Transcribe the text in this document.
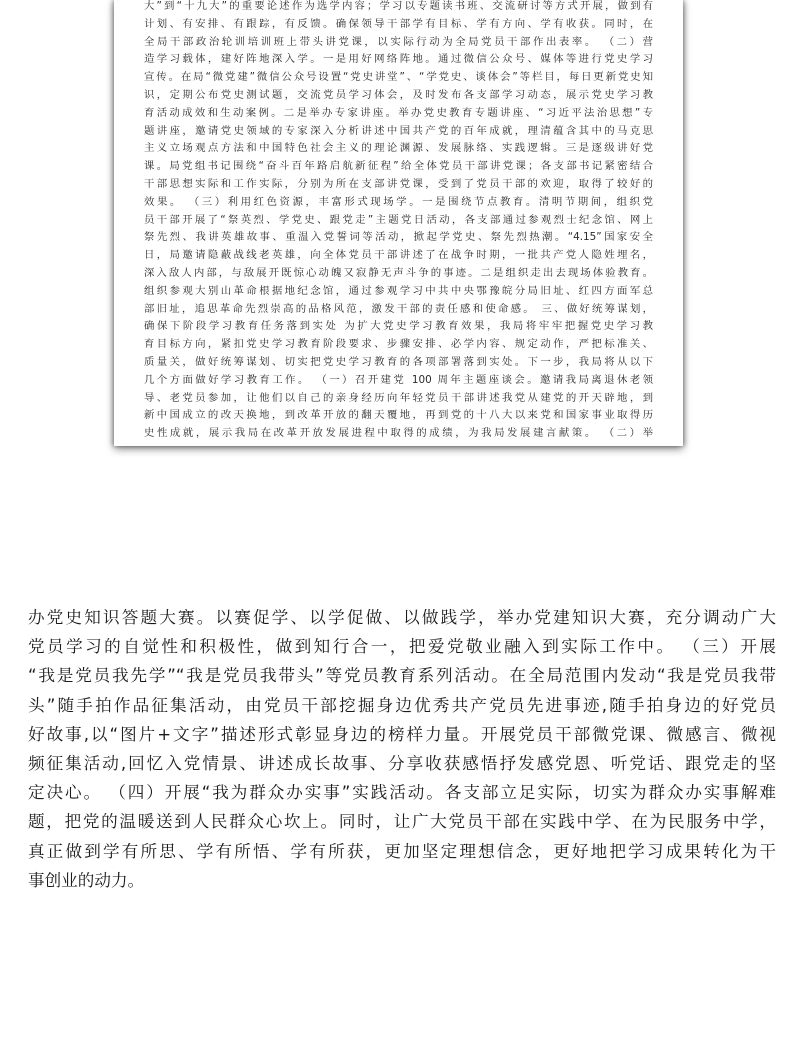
大”到“十九大”的重要论述作为选学内容；学习以专题读书班、交流研讨等方式开展，做到有
计划、有安排、有跟踪，有反馈。确保领导干部学有目标、学有方向、学有收获。同时，在
全局干部政治轮训培训班上带头讲党课，以实际行动为全局党员干部作出表率。 （二）营
造学习载体，建好阵地深入学。一是用好网络阵地。通过微信公众号、媒体等进行党史学习
宣传。在局“微党建”微信公众号设置“党史讲堂”、“学党史、谈体会”等栏目，每日更新党史知
识，定期公布党史测试题，交流党员学习体会，及时发布各支部学习动态，展示党史学习教
育活动成效和生动案例。二是举办专家讲座。举办党史教育专题讲座、“习近平法治思想”专
题讲座，邀请党史领域的专家深入分析讲述中国共产党的百年成就，理清蕴含其中的马克思
主义立场观点方法和中国特色社会主义的理论渊源、发展脉络、实践逻辑。三是逐级讲好党
课。局党组书记围绕“奋斗百年路启航新征程”给全体党员干部讲党课；各支部书记紧密结合
干部思想实际和工作实际，分别为所在支部讲党课，受到了党员干部的欢迎，取得了较好的
效果。 （三）利用红色资源，丰富形式现场学。一是围绕节点教育。清明节期间，组织党
员干部开展了“祭英烈、学党史、跟党走”主题党日活动，各支部通过参观烈士纪念馆、网上
祭先烈、我讲英雄故事、重温入党誓词等活动，掀起学党史、祭先烈热潮。“4.15”国家安全
日，局邀请隐蔽战线老英雄，向全体党员干部讲述了在战争时期，一批共产党人隐姓埋名，
深入敌人内部，与敌展开既惊心动魄又寂静无声斗争的事迹。二是组织走出去现场体验教育。
组织参观大别山革命根据地纪念馆，通过参观学习中共中央鄂豫皖分局旧址、红四方面军总
部旧址，追思革命先烈崇高的品格风范，激发干部的责任感和使命感。 三、做好统筹谋划，
确保下阶段学习教育任务落到实处 为扩大党史学习教育效果，我局将牢牢把握党史学习教
育目标方向，紧扣党史学习教育阶段要求、步骤安排、必学内容、规定动作，严把标准关、
质量关，做好统筹谋划、切实把党史学习教育的各项部署落到实处。下一步，我局将从以下
几个方面做好学习教育工作。 （一）召开建党 100 周年主题座谈会。邀请我局离退休老领
导、老党员参加，让他们以自己的亲身经历向年轻党员干部讲述我党从建党的开天辟地，到
新中国成立的改天换地，到改革开放的翻天覆地，再到党的十八大以来党和国家事业取得历
史性成就，展示我局在改革开放发展进程中取得的成绩，为我局发展建言献策。 （二）举
办党史知识答题大赛。以赛促学、以学促做、以做践学，举办党建知识大赛，充分调动广大
党员学习的自觉性和积极性，做到知行合一，把爱党敬业融入到实际工作中。 （三）开展
“我是党员我先学”“我是党员我带头”等党员教育系列活动。在全局范围内发动“我是党员我带
头”随手拍作品征集活动，由党员干部挖掘身边优秀共产党员先进事迹,随手拍身边的好党员
好故事,以“图片+文字”描述形式彰显身边的榜样力量。开展党员干部微党课、微感言、微视
频征集活动,回忆入党情景、讲述成长故事、分享收获感悟抒发感党恩、听党话、跟党走的坚
定决心。 （四）开展“我为群众办实事”实践活动。各支部立足实际，切实为群众办实事解难
题，把党的温暖送到人民群众心坎上。同时，让广大党员干部在实践中学、在为民服务中学，
真正做到学有所思、学有所悟、学有所获，更加坚定理想信念，更好地把学习成果转化为干
事创业的动力。
